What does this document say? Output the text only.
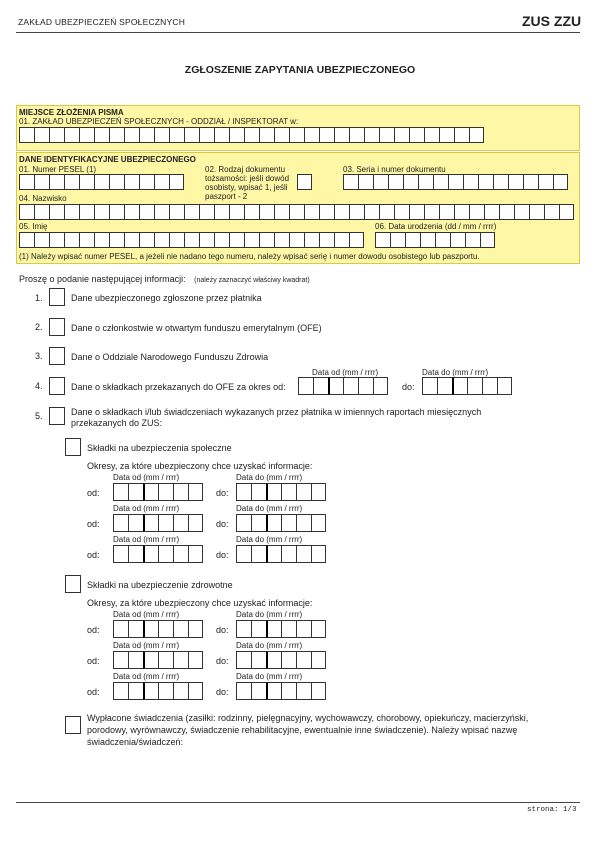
ZAKŁAD UBEZPIECZEŃ SPOŁECZNYCH	ZUS ZZU
ZGŁOSZENIE ZAPYTANIA UBEZPIECZONEGO
MIEJSCE ZŁOŻENIA PISMA
01. ZAKŁAD UBEZPIECZEŃ SPOŁECZNYCH - ODDZIAŁ / INSPEKTORAT w:
DANE IDENTYFIKACYJNE UBEZPIECZONEGO
01. Numer PESEL (1)	02. Rodzaj dokumentu
tożsamości: jeśli dowód
osobisty, wpisać 1, jeśli
paszport - 2
03. Seria i numer dokumentu
04. Nazwisko
05. Imię	06. Data urodzenia (dd / mm / rrrr)
(1) Należy wpisać numer PESEL, a jeżeli nie nadano tego numeru, należy wpisać serię i numer dowodu osobistego lub paszportu.
Proszę o podanie następującej informacji: (należy zaznaczyć właściwy kwadrat)
1.	Dane ubezpieczonego zgłoszone przez płatnika
2.	Dane o członkostwie w otwartym funduszu emerytalnym (OFE)
3.	Dane o Oddziale Narodowego Funduszu Zdrowia
4.	Dane o składkach przekazanych do OFE za okres od:
Data od (mm / rrrr)
do:
Data do (mm / rrrr)
5.	Dane o składkach i/lub świadczeniach wykazanych przez płatnika w imiennych raportach miesięcznych
przekazanych do ZUS:
Składki na ubezpieczenia społeczne
Okresy, za które ubezpieczony chce uzyskać informacje:
Data od (mm / rrrr)	Data do (mm / rrrr)
od:	do:
Data od (mm / rrrr)	Data do (mm / rrrr)
od:	do:
Data od (mm / rrrr)	Data do (mm / rrrr)
od:	do:
Składki na ubezpieczenie zdrowotne
Okresy, za które ubezpieczony chce uzyskać informacje:
Data od (mm / rrrr)	Data do (mm / rrrr)
od:	do:
Data od (mm / rrrr)	Data do (mm / rrrr)
od:	do:
Data od (mm / rrrr)	Data do (mm / rrrr)
od:	do:
Wypłacone świadczenia (zasiłki: rodzinny, pielęgnacyjny, wychowawczy, chorobowy, opiekuńczy, macierzyński,
porodowy, wyrównawczy, świadczenie rehabilitacyjne, ewentualnie inne świadczenie). Należy wpisać nazwę
świadczenia/świadczeń:
strona: 1/3
